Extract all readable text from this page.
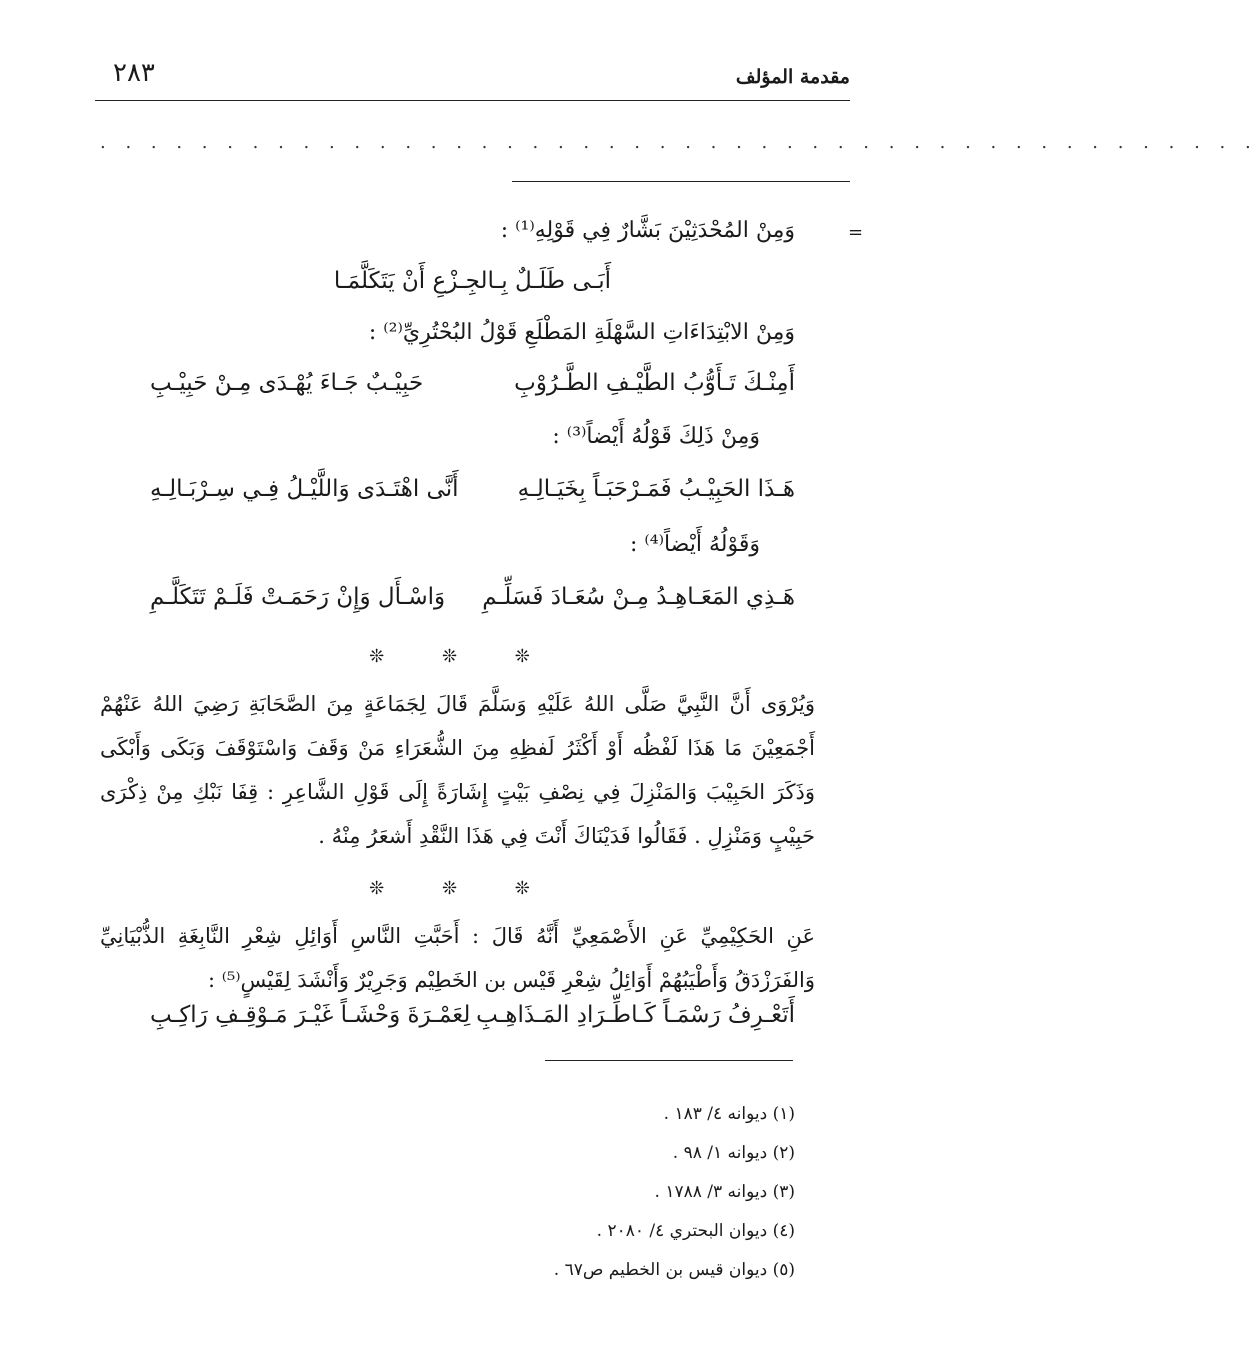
٢٨٣	مقدمة المؤلف
. . . . . . . . . . . . . . . . . . . . . . . . . . . . . . . . . . . . . . . . . . . . . .
=
وَمِنْ المُحْدَثِيْنَ بَشَّارٌ فِي قَوْلِهِ⁽¹⁾ :
أَبَـى طَلَـلٌ بِـالجِـزْعِ أَنْ يَتَكَلَّمَـا
وَمِنْ الابْتِدَاءَاتِ السَّهْلَةِ المَطْلَعِ قَوْلُ البُحْتُرِيِّ⁽²⁾ :
أَمِنْـكَ تَـأَوُّبُ الطَّيْـفِ الطَّـرُوْبِ
حَبِيْـبٌ جَـاءَ يُهْـدَى مِـنْ حَبِيْـبِ
وَمِنْ ذَلِكَ قَوْلُهُ أَيْضاً⁽³⁾ :
هَـذَا الحَبِيْـبُ فَمَـرْحَبَـاً بِخَيَـالِـهِ
أَنَّى اهْتَـدَى وَاللَّيْـلُ فِـي سِـرْبَـالِـهِ
وَقَوْلُهُ أَيْضاً⁽⁴⁾ :
هَـذِي المَعَـاهِـدُ مِـنْ سُعَـادَ فَسَلِّـمِ
وَاسْـأَل وَإِنْ رَحَمَـتْ فَلَـمْ تَتَكَلَّـمِ
❊ ❊ ❊
وَيُرْوَى أَنَّ النَّبِيَّ صَلَّى اللهُ عَلَيْهِ وَسَلَّمَ قَالَ لِجَمَاعَةٍ مِنَ الصَّحَابَةِ رَضِيَ اللهُ عَنْهُمْ أَجْمَعِيْنَ مَا هَذَا لَفْظُه أَوْ أَكْثَرُ لَفظِهِ مِنَ الشُّعَرَاءِ مَنْ وَقَفَ وَاسْتَوْقَفَ وَبَكَى وَأَبْكَى وَذَكَرَ الحَبِيْبَ وَالمَنْزِلَ فِي نِصْفِ بَيْتٍ إِشَارَةً إِلَى قَوْلِ الشَّاعِرِ : قِفَا نَبْكِ مِنْ ذِكْرَى حَبِيْبٍ وَمَنْزِلِ . فَقَالُوا فَدَيْنَاكَ أَنْتَ فِي هَذَا النَّقْدِ أَشعَرُ مِنْهُ .
❊ ❊ ❊
عَنِ الحَكِيْمِيِّ عَنِ الأَصْمَعِيِّ أَنَّهُ قَالَ : أَحَبَّتِ النَّاسِ أَوَائِلِ شِعْرِ النَّابِغَةِ الذُّبْيَانِيِّ وَالفَرَزْدَقُ وَأَطْيَبُهُمْ أَوَائِلُ شِعْرِ قَيْس بن الخَطِيْم وَجَرِيْرٌ وَأَنْشَدَ لِقَيْسٍ⁽⁵⁾ :
أَتَعْـرِفُ رَسْمَـاً كَـاطِّـرَادِ المَـذَاهِـبِ
لِعَمْـرَةَ وَحْشَـاً غَيْـرَ مَـوْقِـفِ رَاكِـبِ
(١) ديوانه ٤/ ١٨٣ .
(٢) ديوانه ١/ ٩٨ .
(٣) ديوانه ٣/ ١٧٨٨ .
(٤) ديوان البحتري ٤/ ٢٠٨٠ .
(٥) ديوان قيس بن الخطيم ص٦٧ .
